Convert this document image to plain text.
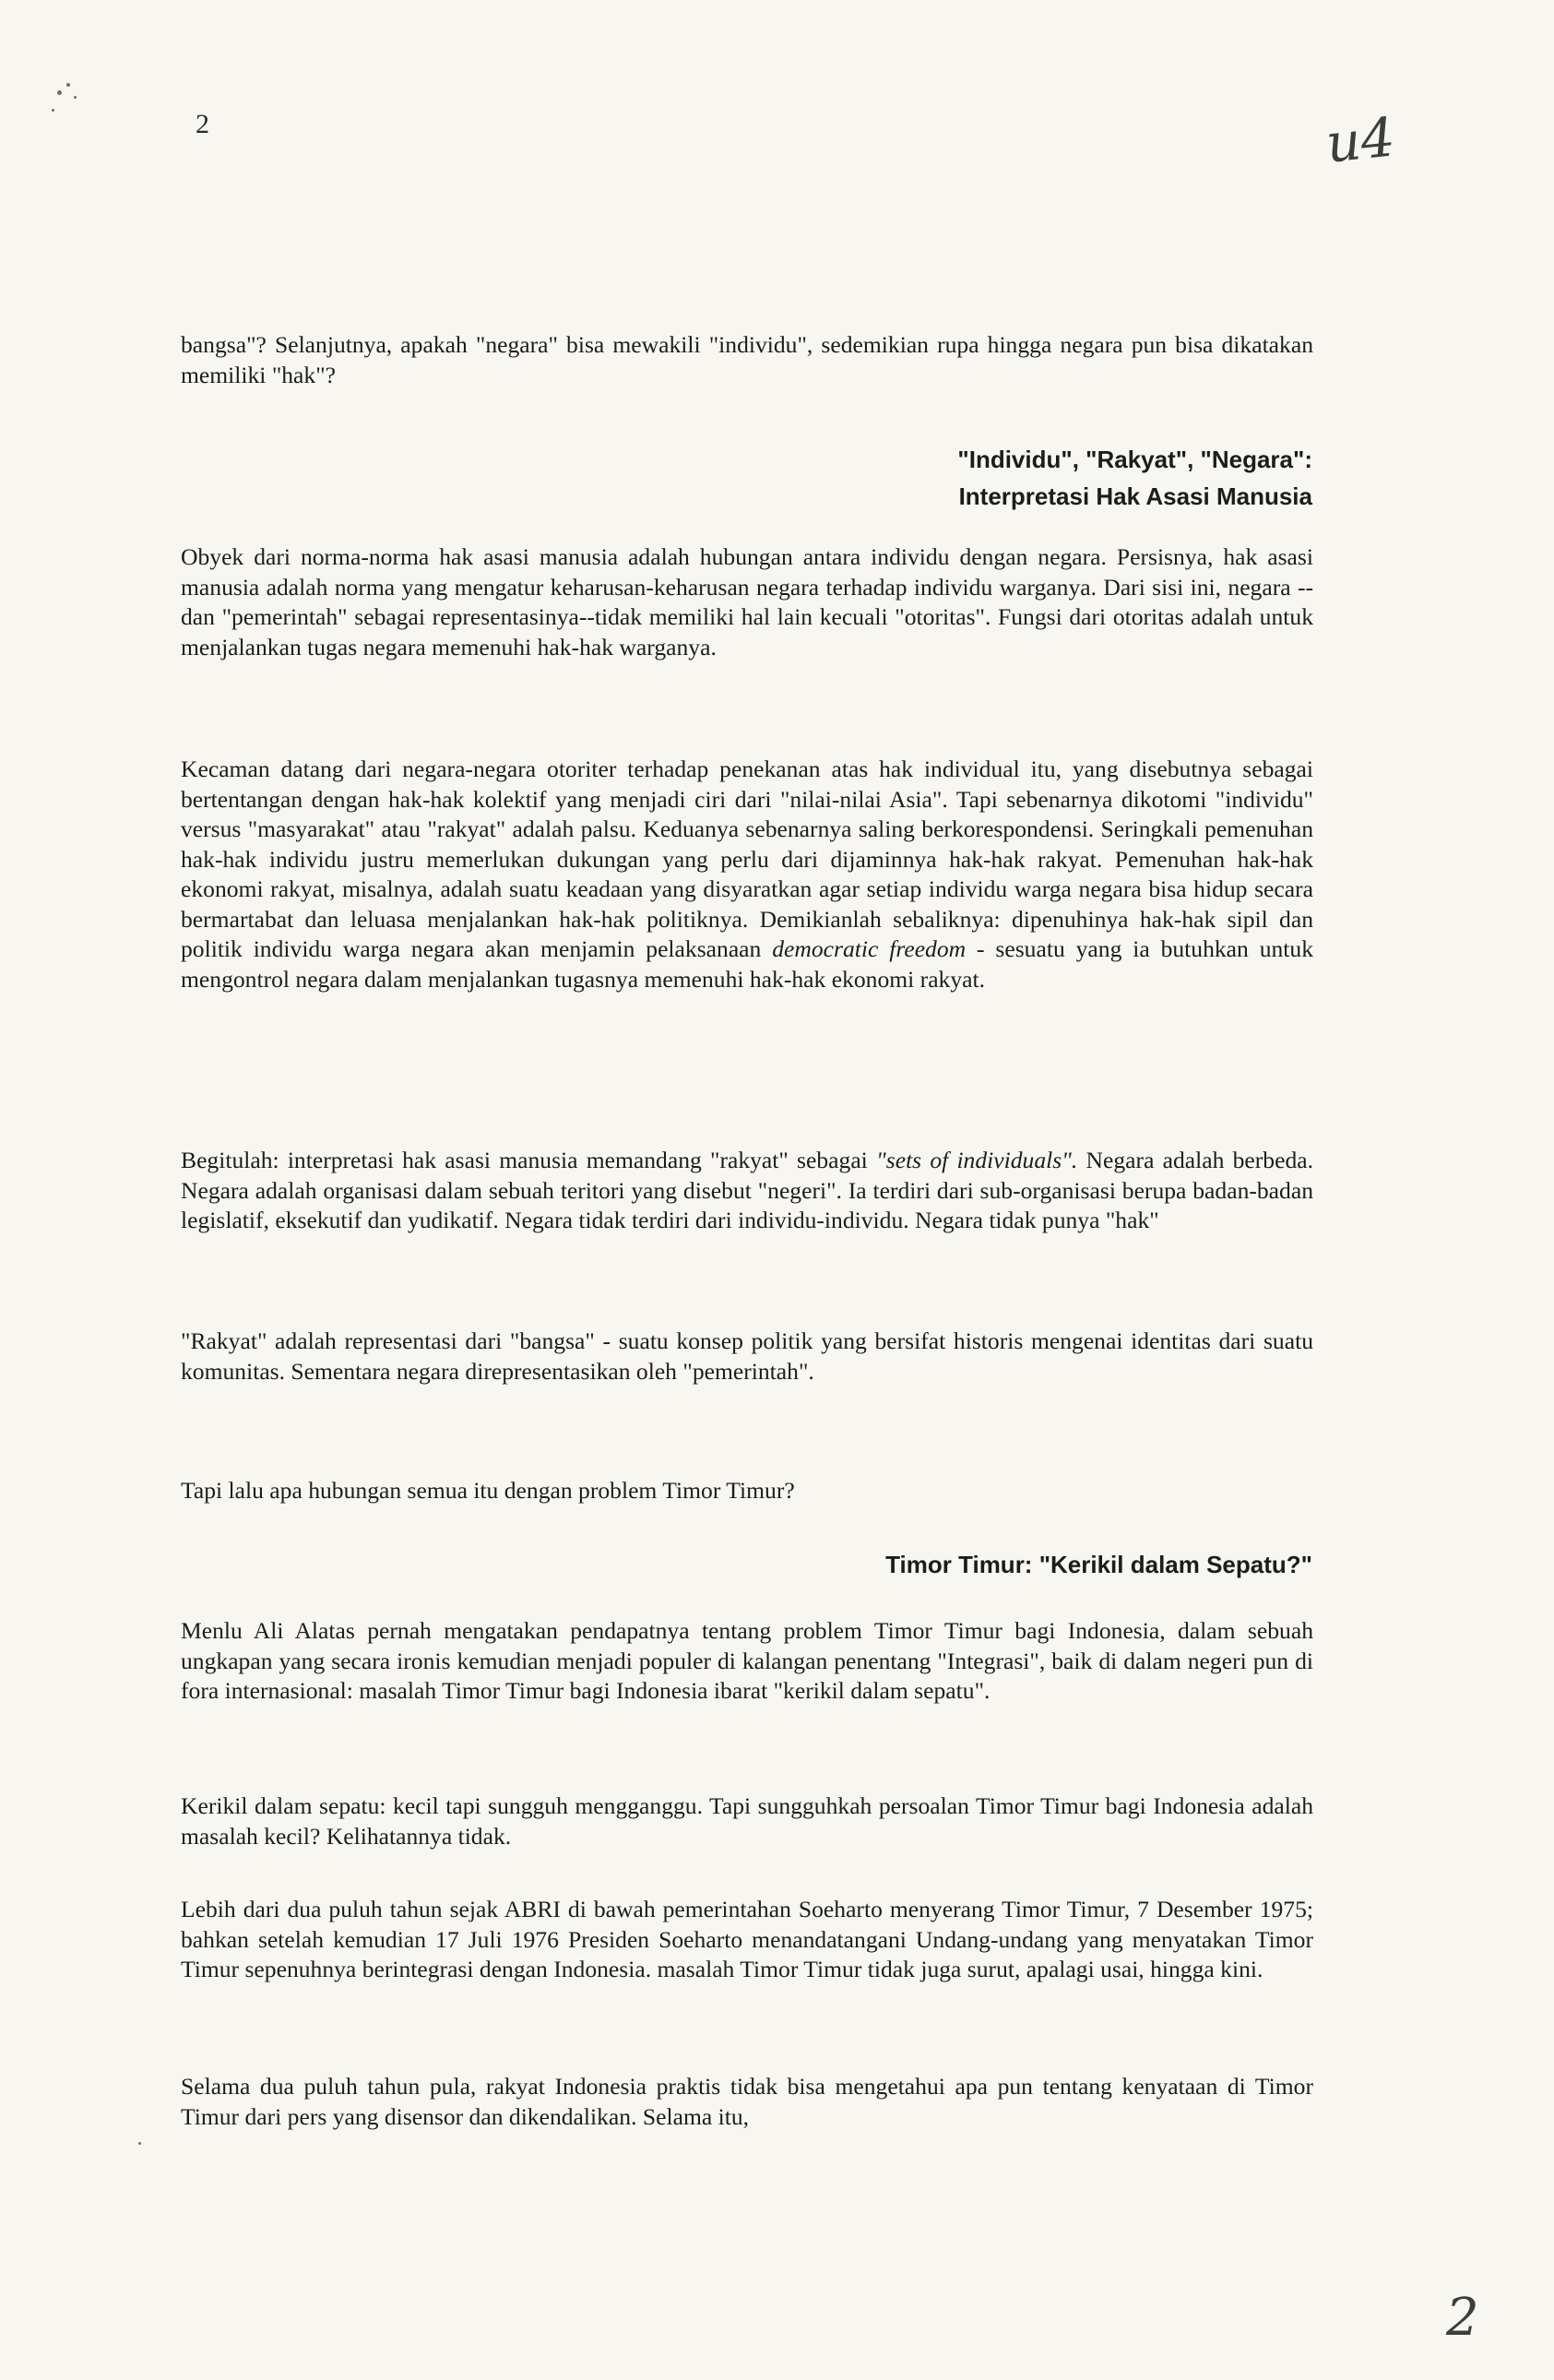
2	u4

bangsa"? Selanjutnya, apakah "negara" bisa mewakili "individu", sedemikian rupa hingga negara pun bisa dikatakan memiliki "hak"?

"Individu", "Rakyat", "Negara":
Interpretasi Hak Asasi Manusia

Obyek dari norma-norma hak asasi manusia adalah hubungan antara individu dengan negara. Persisnya, hak asasi manusia adalah norma yang mengatur keharusan-keharusan negara terhadap individu warganya. Dari sisi ini, negara --dan "pemerintah" sebagai representasinya--tidak memiliki hal lain kecuali "otoritas". Fungsi dari otoritas adalah untuk menjalankan tugas negara memenuhi hak-hak warganya.

Kecaman datang dari negara-negara otoriter terhadap penekanan atas hak individual itu, yang disebutnya sebagai bertentangan dengan hak-hak kolektif yang menjadi ciri dari "nilai-nilai Asia". Tapi sebenarnya dikotomi "individu" versus "masyarakat" atau "rakyat" adalah palsu. Keduanya sebenarnya saling berkorespondensi. Seringkali pemenuhan hak-hak individu justru memerlukan dukungan yang perlu dari dijaminnya hak-hak rakyat. Pemenuhan hak-hak ekonomi rakyat, misalnya, adalah suatu keadaan yang disyaratkan agar setiap individu warga negara bisa hidup secara bermartabat dan leluasa menjalankan hak-hak politiknya. Demikianlah sebaliknya: dipenuhinya hak-hak sipil dan politik individu warga negara akan menjamin pelaksanaan democratic freedom - sesuatu yang ia butuhkan untuk mengontrol negara dalam menjalankan tugasnya memenuhi hak-hak ekonomi rakyat.

Begitulah: interpretasi hak asasi manusia memandang "rakyat" sebagai "sets of individuals". Negara adalah berbeda. Negara adalah organisasi dalam sebuah teritori yang disebut "negeri". Ia terdiri dari sub-organisasi berupa badan-badan legislatif, eksekutif dan yudikatif. Negara tidak terdiri dari individu-individu. Negara tidak punya "hak"

"Rakyat" adalah representasi dari "bangsa" - suatu konsep politik yang bersifat historis mengenai identitas dari suatu komunitas. Sementara negara direpresentasikan oleh "pemerintah".

Tapi lalu apa hubungan semua itu dengan problem Timor Timur?

Timor Timur: "Kerikil dalam Sepatu?"

Menlu Ali Alatas pernah mengatakan pendapatnya tentang problem Timor Timur bagi Indonesia, dalam sebuah ungkapan yang secara ironis kemudian menjadi populer di kalangan penentang "Integrasi", baik di dalam negeri pun di fora internasional: masalah Timor Timur bagi Indonesia ibarat "kerikil dalam sepatu".

Kerikil dalam sepatu: kecil tapi sungguh mengganggu. Tapi sungguhkah persoalan Timor Timur bagi Indonesia adalah masalah kecil? Kelihatannya tidak.

Lebih dari dua puluh tahun sejak ABRI di bawah pemerintahan Soeharto menyerang Timor Timur, 7 Desember 1975; bahkan setelah kemudian 17 Juli 1976 Presiden Soeharto menandatangani Undang-undang yang menyatakan Timor Timur sepenuhnya berintegrasi dengan Indonesia. masalah Timor Timur tidak juga surut, apalagi usai, hingga kini.

Selama dua puluh tahun pula, rakyat Indonesia praktis tidak bisa mengetahui apa pun tentang kenyataan di Timor Timur dari pers yang disensor dan dikendalikan. Selama itu,

2
